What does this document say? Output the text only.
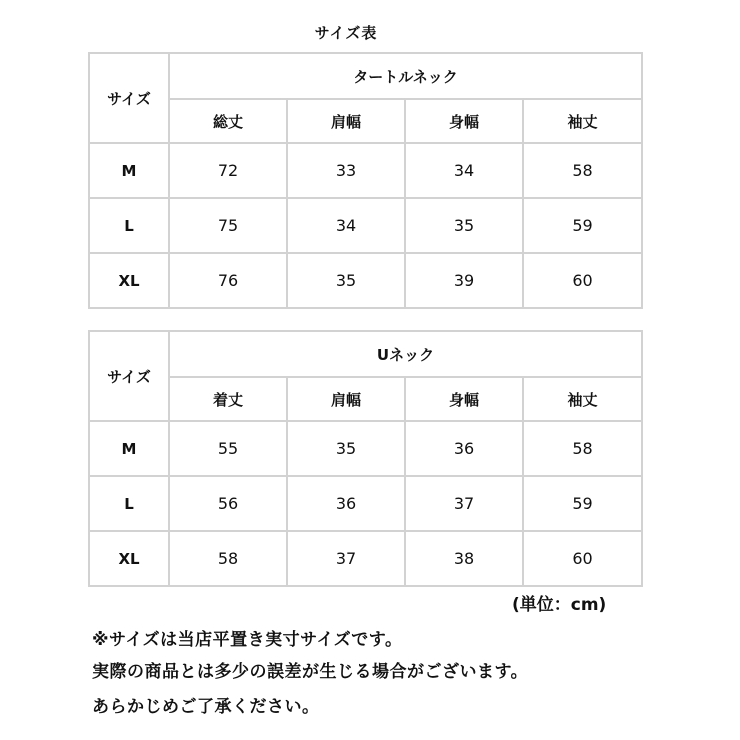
サイズ表
サイズ	タートルネック			
	総丈	肩幅	身幅	袖丈
M	72	33	34	58
L	75	34	35	59
XL	76	35	39	60
サイズ	Uネック			
	着丈	肩幅	身幅	袖丈
M	55	35	36	58
L	56	36	37	59
XL	58	37	38	60
(単位：cm)
※サイズは当店平置き実寸サイズです。
実際の商品とは多少の誤差が生じる場合がございます。
あらかじめご了承ください。
